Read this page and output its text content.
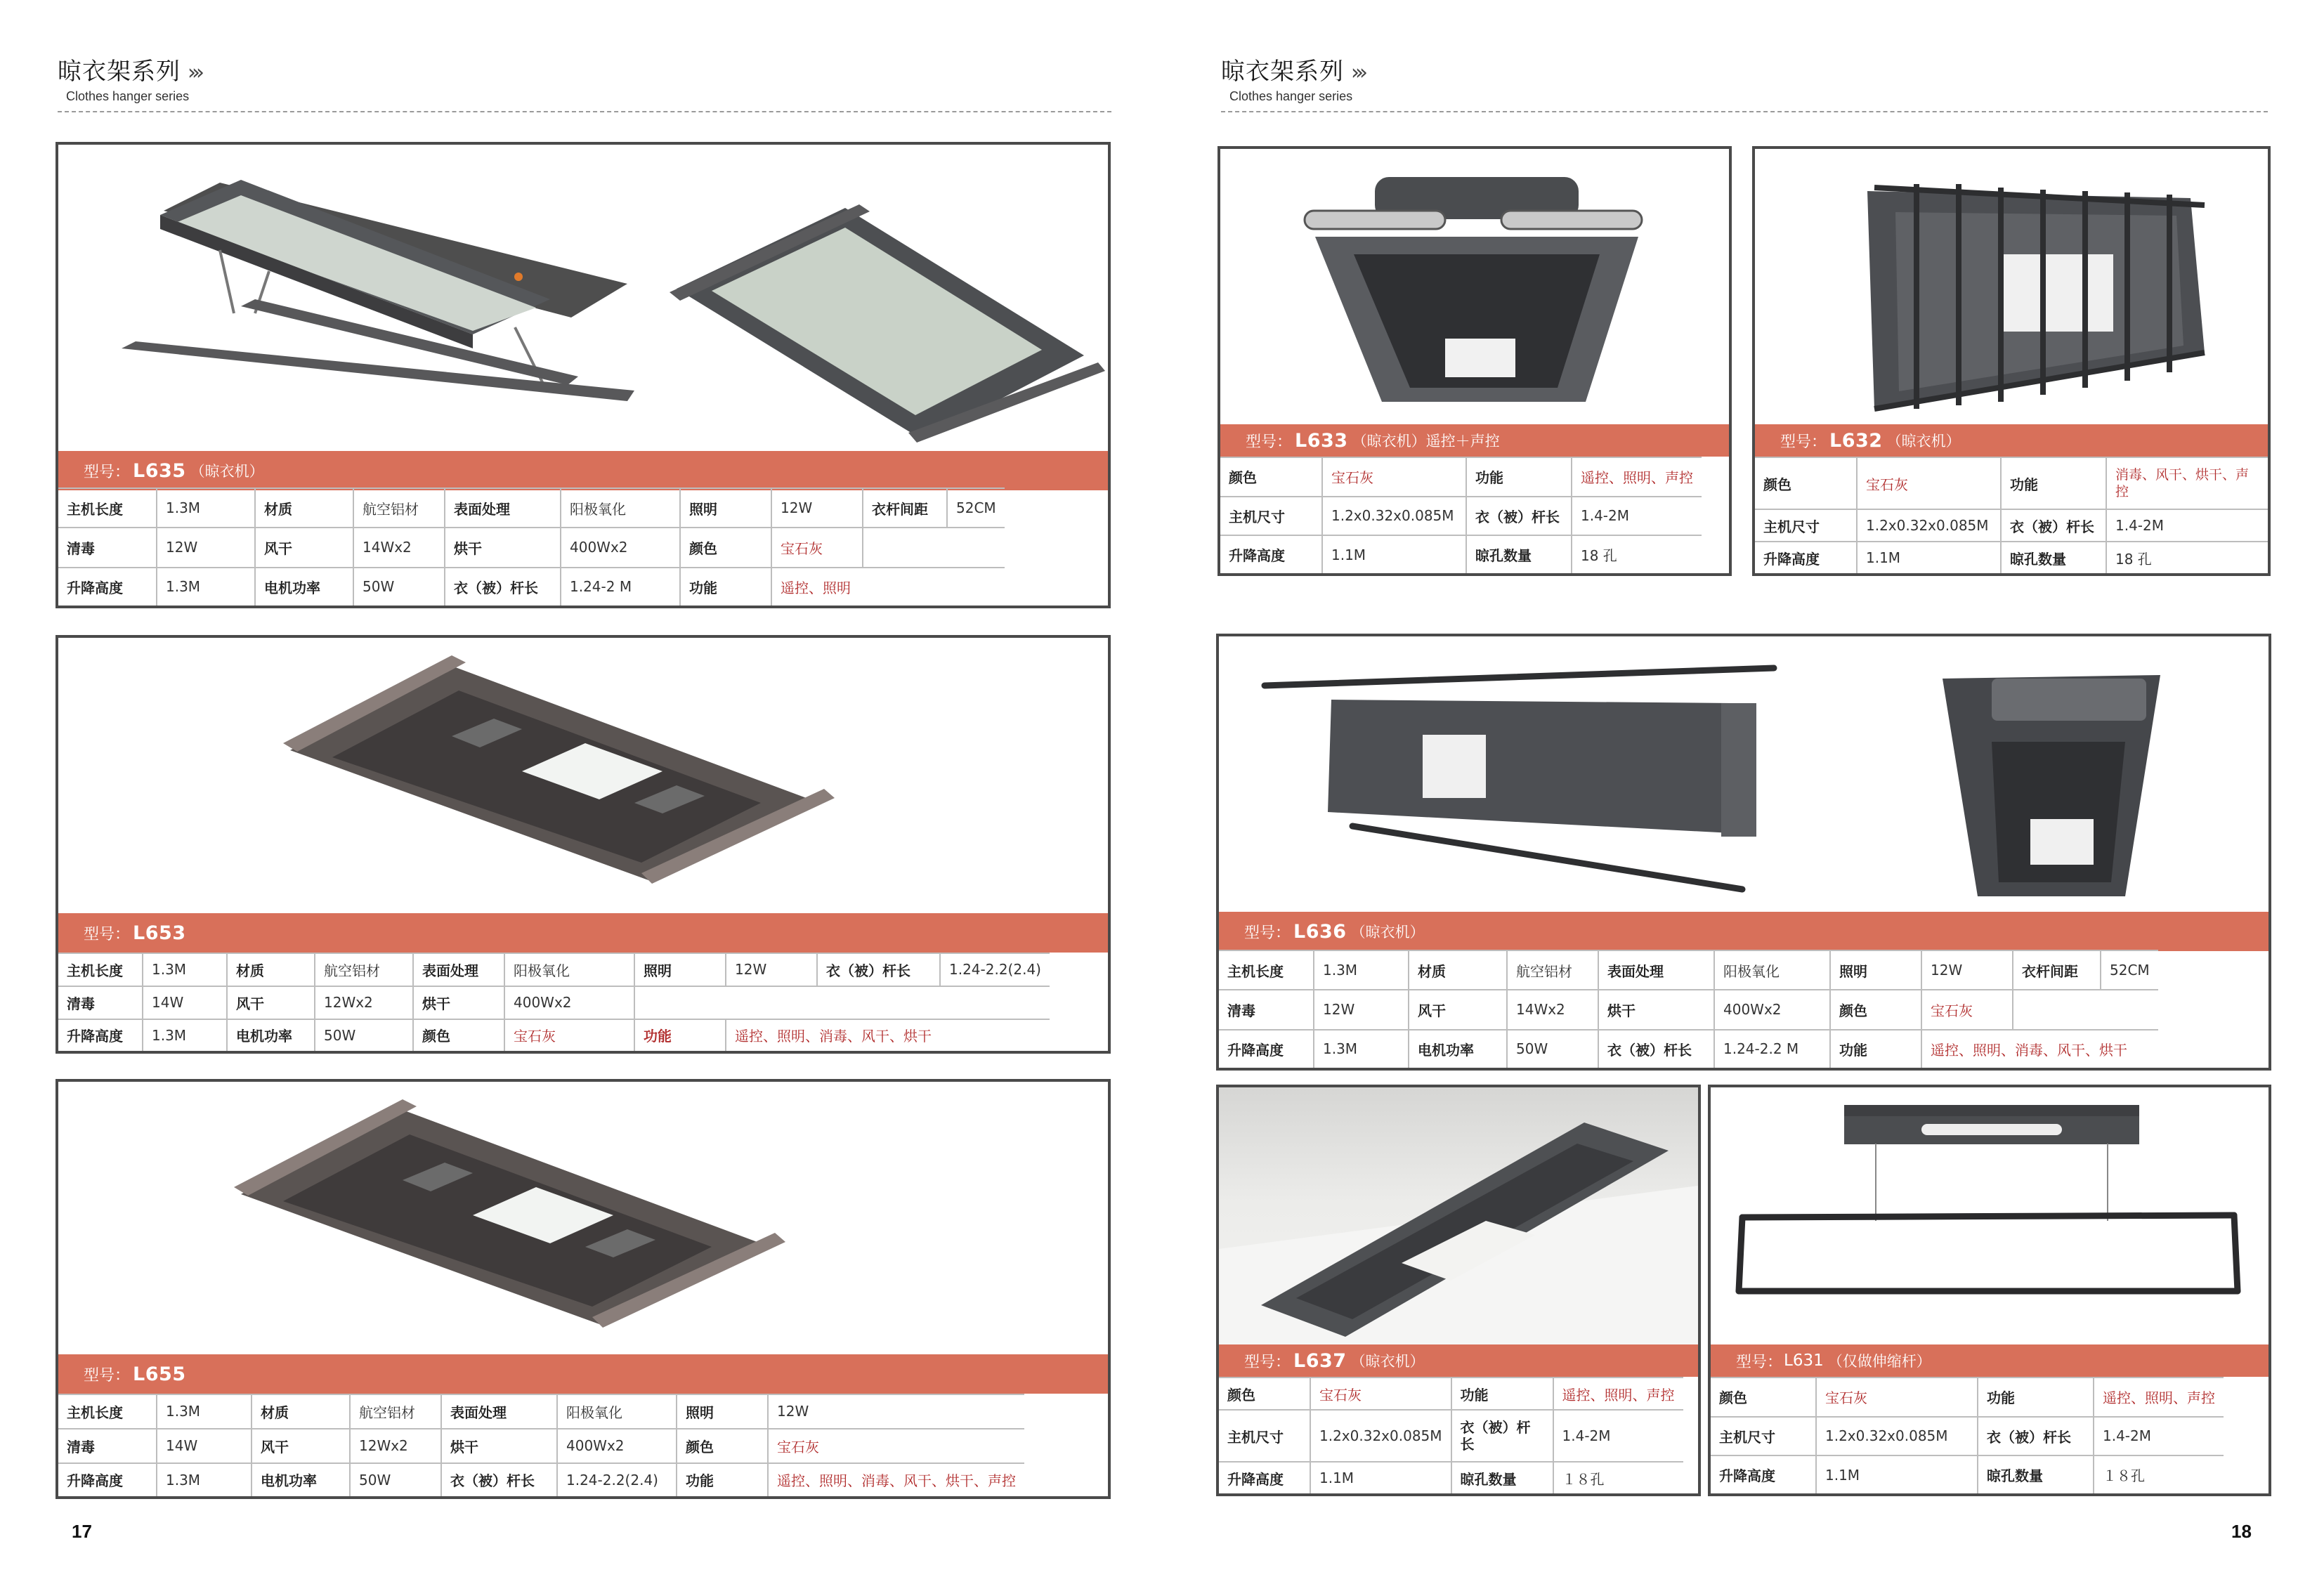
晾衣架系列 ›››
Clothes hanger series
晾衣架系列 ›››
Clothes hanger series
型号： L635 （晾衣机）
主机长度	1.3M	材质	航空铝材	表面处理	阳极氧化	照明	12W	衣杆间距	52CM
清毒	12W	风干	14Wx2	烘干	400Wx2	颜色	宝石灰		
升降高度	1.3M	电机功率	50W	衣（被）杆长	1.24-2 M	功能	遥控、照明		
型号： L653
主机长度	1.3M	材质	航空铝材	表面处理	阳极氧化	照明	12W	衣（被）杆长	1.24-2.2(2.4)
清毒	14W	风干	12Wx2	烘干	400Wx2				
升降高度	1.3M	电机功率	50W	颜色	宝石灰	功能	遥控、照明、消毒、风干、烘干		
型号： L655
主机长度	1.3M	材质	航空铝材	表面处理	阳极氧化	照明	12W
清毒	14W	风干	12Wx2	烘干	400Wx2	颜色	宝石灰
升降高度	1.3M	电机功率	50W	衣（被）杆长	1.24-2.2(2.4)	功能	遥控、照明、消毒、风干、烘干、声控
17
型号： L633 （晾衣机）遥控＋声控
颜色	宝石灰	功能	遥控、照明、声控
主机尺寸	1.2x0.32x0.085M	衣（被）杆长	1.4-2M
升降高度	1.1M	晾孔数量	18 孔
型号： L632 （晾衣机）
颜色	宝石灰	功能	消毒、风干、烘干、声控
主机尺寸	1.2x0.32x0.085M	衣（被）杆长	1.4-2M
升降高度	1.1M	晾孔数量	18 孔
型号： L636 （晾衣机）
主机长度	1.3M	材质	航空铝材	表面处理	阳极氧化	照明	12W	衣杆间距	52CM
清毒	12W	风干	14Wx2	烘干	400Wx2	颜色	宝石灰		
升降高度	1.3M	电机功率	50W	衣（被）杆长	1.24-2.2 M	功能	遥控、照明、消毒、风干、烘干		
型号： L637 （晾衣机）
颜色	宝石灰	功能	遥控、照明、声控
主机尺寸	1.2x0.32x0.085M	衣（被）杆长	1.4-2M
升降高度	1.1M	晾孔数量	１８孔
型号： L631 （仅做伸缩杆）
颜色	宝石灰	功能	遥控、照明、声控
主机尺寸	1.2x0.32x0.085M	衣（被）杆长	1.4-2M
升降高度	1.1M	晾孔数量	１８孔
18
